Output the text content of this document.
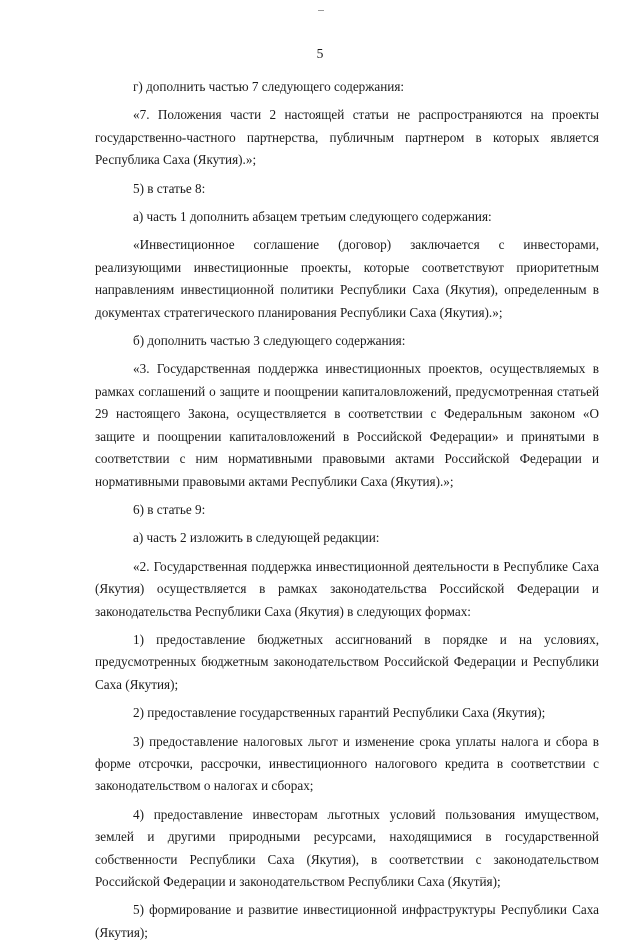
5

г) дополнить частью 7 следующего содержания:

«7. Положения части 2 настоящей статьи не распространяются на проекты государственно-частного партнерства, публичным партнером в которых является Республика Саха (Якутия).»;

5) в статье 8:

а) часть 1 дополнить абзацем третьим следующего содержания:

«Инвестиционное соглашение (договор) заключается с инвесторами, реализующими инвестиционные проекты, которые соответствуют приоритетным направлениям инвестиционной политики Республики Саха (Якутия), определенным в документах стратегического планирования Республики Саха (Якутия).»;

б) дополнить частью 3 следующего содержания:

«3. Государственная поддержка инвестиционных проектов, осуществляемых в рамках соглашений о защите и поощрении капиталовложений, предусмотренная статьей 29 настоящего Закона, осуществляется в соответствии с Федеральным законом «О защите и поощрении капиталовложений в Российской Федерации» и принятыми в соответствии с ним нормативными правовыми актами Российской Федерации и нормативными правовыми актами Республики Саха (Якутия).»;

6) в статье 9:

а) часть 2 изложить в следующей редакции:

«2. Государственная поддержка инвестиционной деятельности в Республике Саха (Якутия) осуществляется в рамках законодательства Российской Федерации и законодательства Республики Саха (Якутия) в следующих формах:

1) предоставление бюджетных ассигнований в порядке и на условиях, предусмотренных бюджетным законодательством Российской Федерации и Республики Саха (Якутия);

2) предоставление государственных гарантий Республики Саха (Якутия);

3) предоставление налоговых льгот и изменение срока уплаты налога и сбора в форме отсрочки, рассрочки, инвестиционного налогового кредита в соответствии с законодательством о налогах и сборах;

4) предоставление инвесторам льготных условий пользования имуществом, землей и другими природными ресурсами, находящимися в государственной собственности Республики Саха (Якутия), в соответствии с законодательством Российской Федерации и законодательством Республики Саха (Якутия);

5) формирование и развитие инвестиционной инфраструктуры Республики Саха (Якутия);
